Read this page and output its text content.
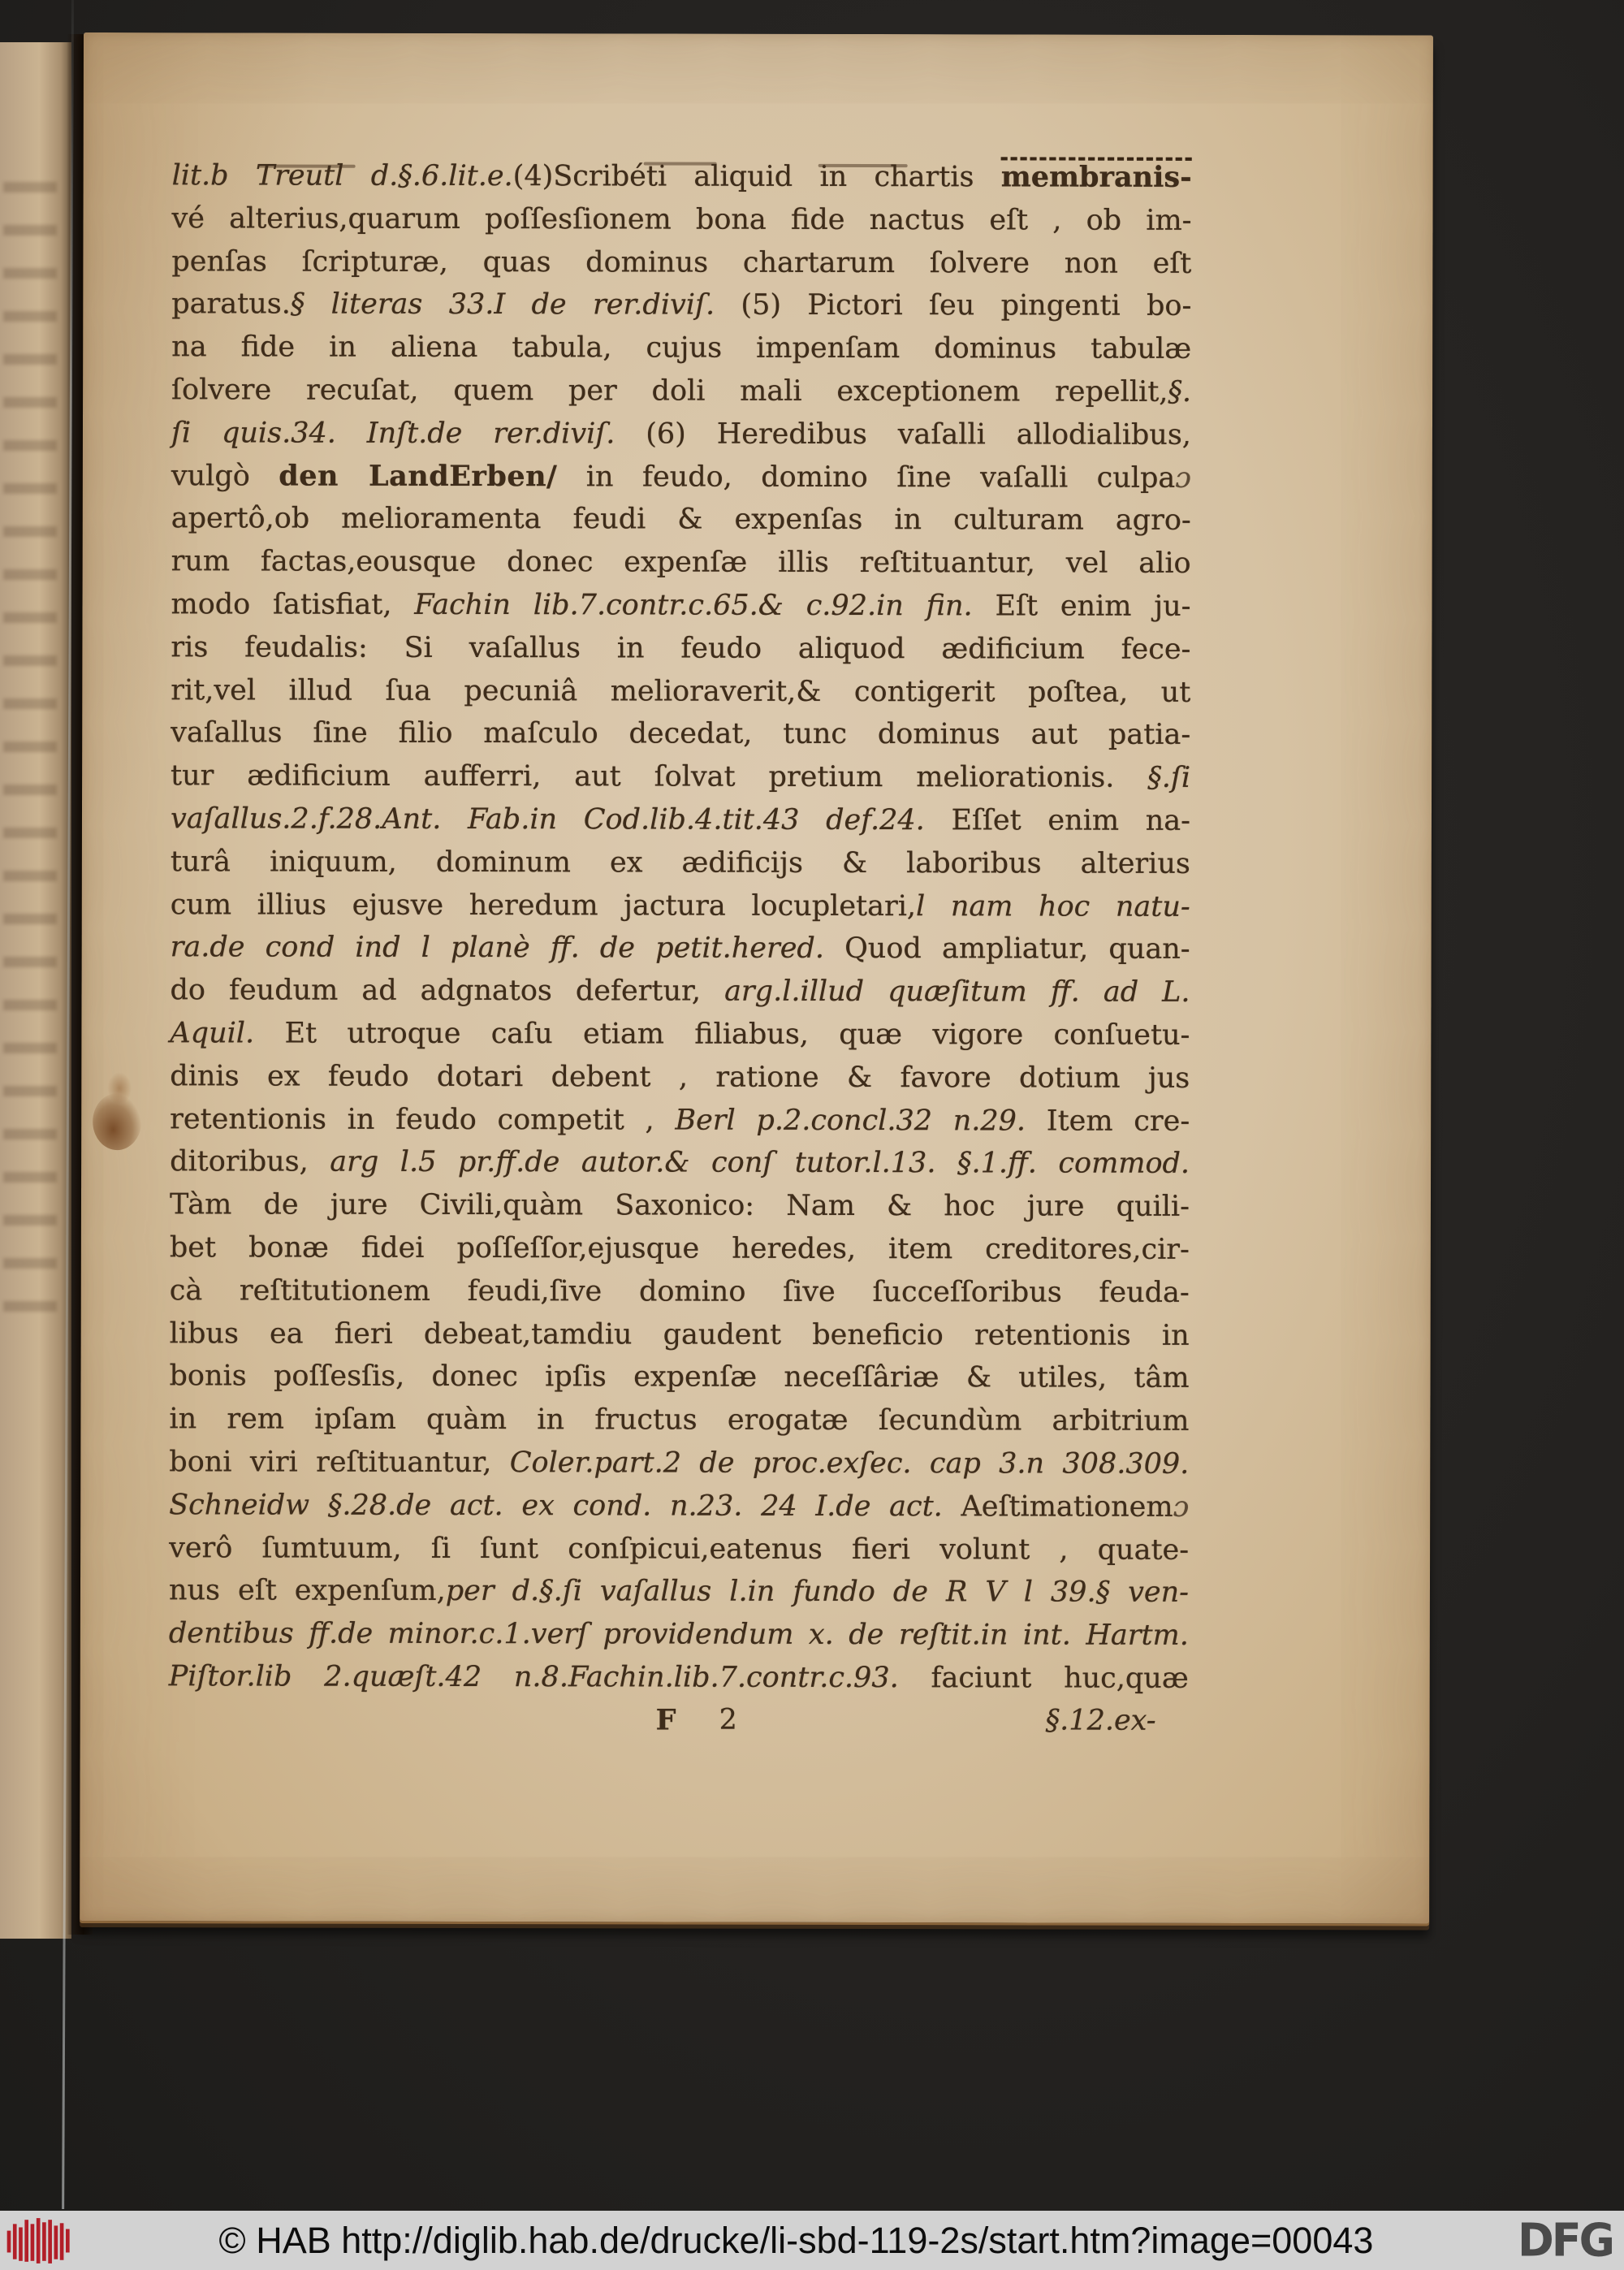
lit.b Treutl d.§.6.lit.e.(4)Scribéti aliquid in chartis membranis-
vé alterius,quarum poſſesſionem bona fide nactus eſt , ob im-
penſas ſcripturæ, quas dominus chartarum ſolvere non eſt
paratus.§ literas 33.I de rer.diviſ. (5) Pictori ſeu pingenti bo-
na fide in aliena tabula, cujus impenſam dominus tabulæ
ſolvere recuſat, quem per doli mali exceptionem repellit,§.
ſi quis.34. Inſt.de rer.diviſ. (6) Heredibus vaſalli allodialibus,
vulgò den LandErben/ in feudo, domino ſine vaſalli culpaɔ
apertô,ob melioramenta feudi & expenſas in culturam agro-
rum factas,eousque donec expenſæ illis reſtituantur, vel alio
modo ſatisfiat, Fachin lib.7.contr.c.65.& c.92.in fin. Eſt enim ju-
ris feudalis: Si vaſallus in feudo aliquod ædificium fece-
rit,vel illud ſua pecuniâ melioraverit,& contigerit poſtea, ut
vaſallus ſine filio maſculo decedat, tunc dominus aut patia-
tur ædificium aufferri, aut ſolvat pretium meliorationis. §.ſi
vaſallus.2.f.28.Ant. Fab.in Cod.lib.4.tit.43 def.24. Eſſet enim na-
turâ iniquum, dominum ex ædificijs & laboribus alterius
cum illius ejusve heredum jactura locupletari,l nam hoc natu-
ra.de cond ind l planè ff. de petit.hered. Quod ampliatur, quan-
do feudum ad adgnatos defertur, arg.l.illud quæſitum ff. ad L.
Aquil. Et utroque caſu etiam filiabus, quæ vigore conſuetu-
dinis ex feudo dotari debent , ratione & favore dotium jus
retentionis in feudo competit , Berl p.2.concl.32 n.29. Item cre-
ditoribus, arg l.5 pr.ff.de autor.& conſ tutor.l.13. §.1.ff. commod.
Tàm de jure Civili,quàm Saxonico: Nam & hoc jure quili-
bet bonæ fidei poſſeſſor,ejusque heredes, item creditores,cir-
cà reſtitutionem feudi,ſive domino ſive ſucceſſoribus feuda-
libus ea fieri debeat,tamdiu gaudent beneficio retentionis in
bonis poſſesſis, donec ipſis expenſæ neceſſâriæ & utiles, tâm
in rem ipſam quàm in fructus erogatæ ſecundùm arbitrium
boni viri reſtituantur, Coler.part.2 de proc.exſec. cap 3.n 308.309.
Schneidw §.28.de act. ex cond. n.23. 24 I.de act. Aeſtimationemɔ
verô ſumtuum, ſi ſunt conſpicui,eatenus fieri volunt , quate-
nus eſt expenſum,per d.§.ſi vaſallus l.in fundo de R V l 39.§ ven-
dentibus ff.de minor.c.1.verſ providendum x. de reſtit.in int. Hartm.
Piſtor.lib 2.quæſt.42 n.8.Fachin.lib.7.contr.c.93. faciunt huc,quæ
F 2	§.12.ex-
© HAB http://diglib.hab.de/drucke/li-sbd-119-2s/start.htm?image=00043	DFG
